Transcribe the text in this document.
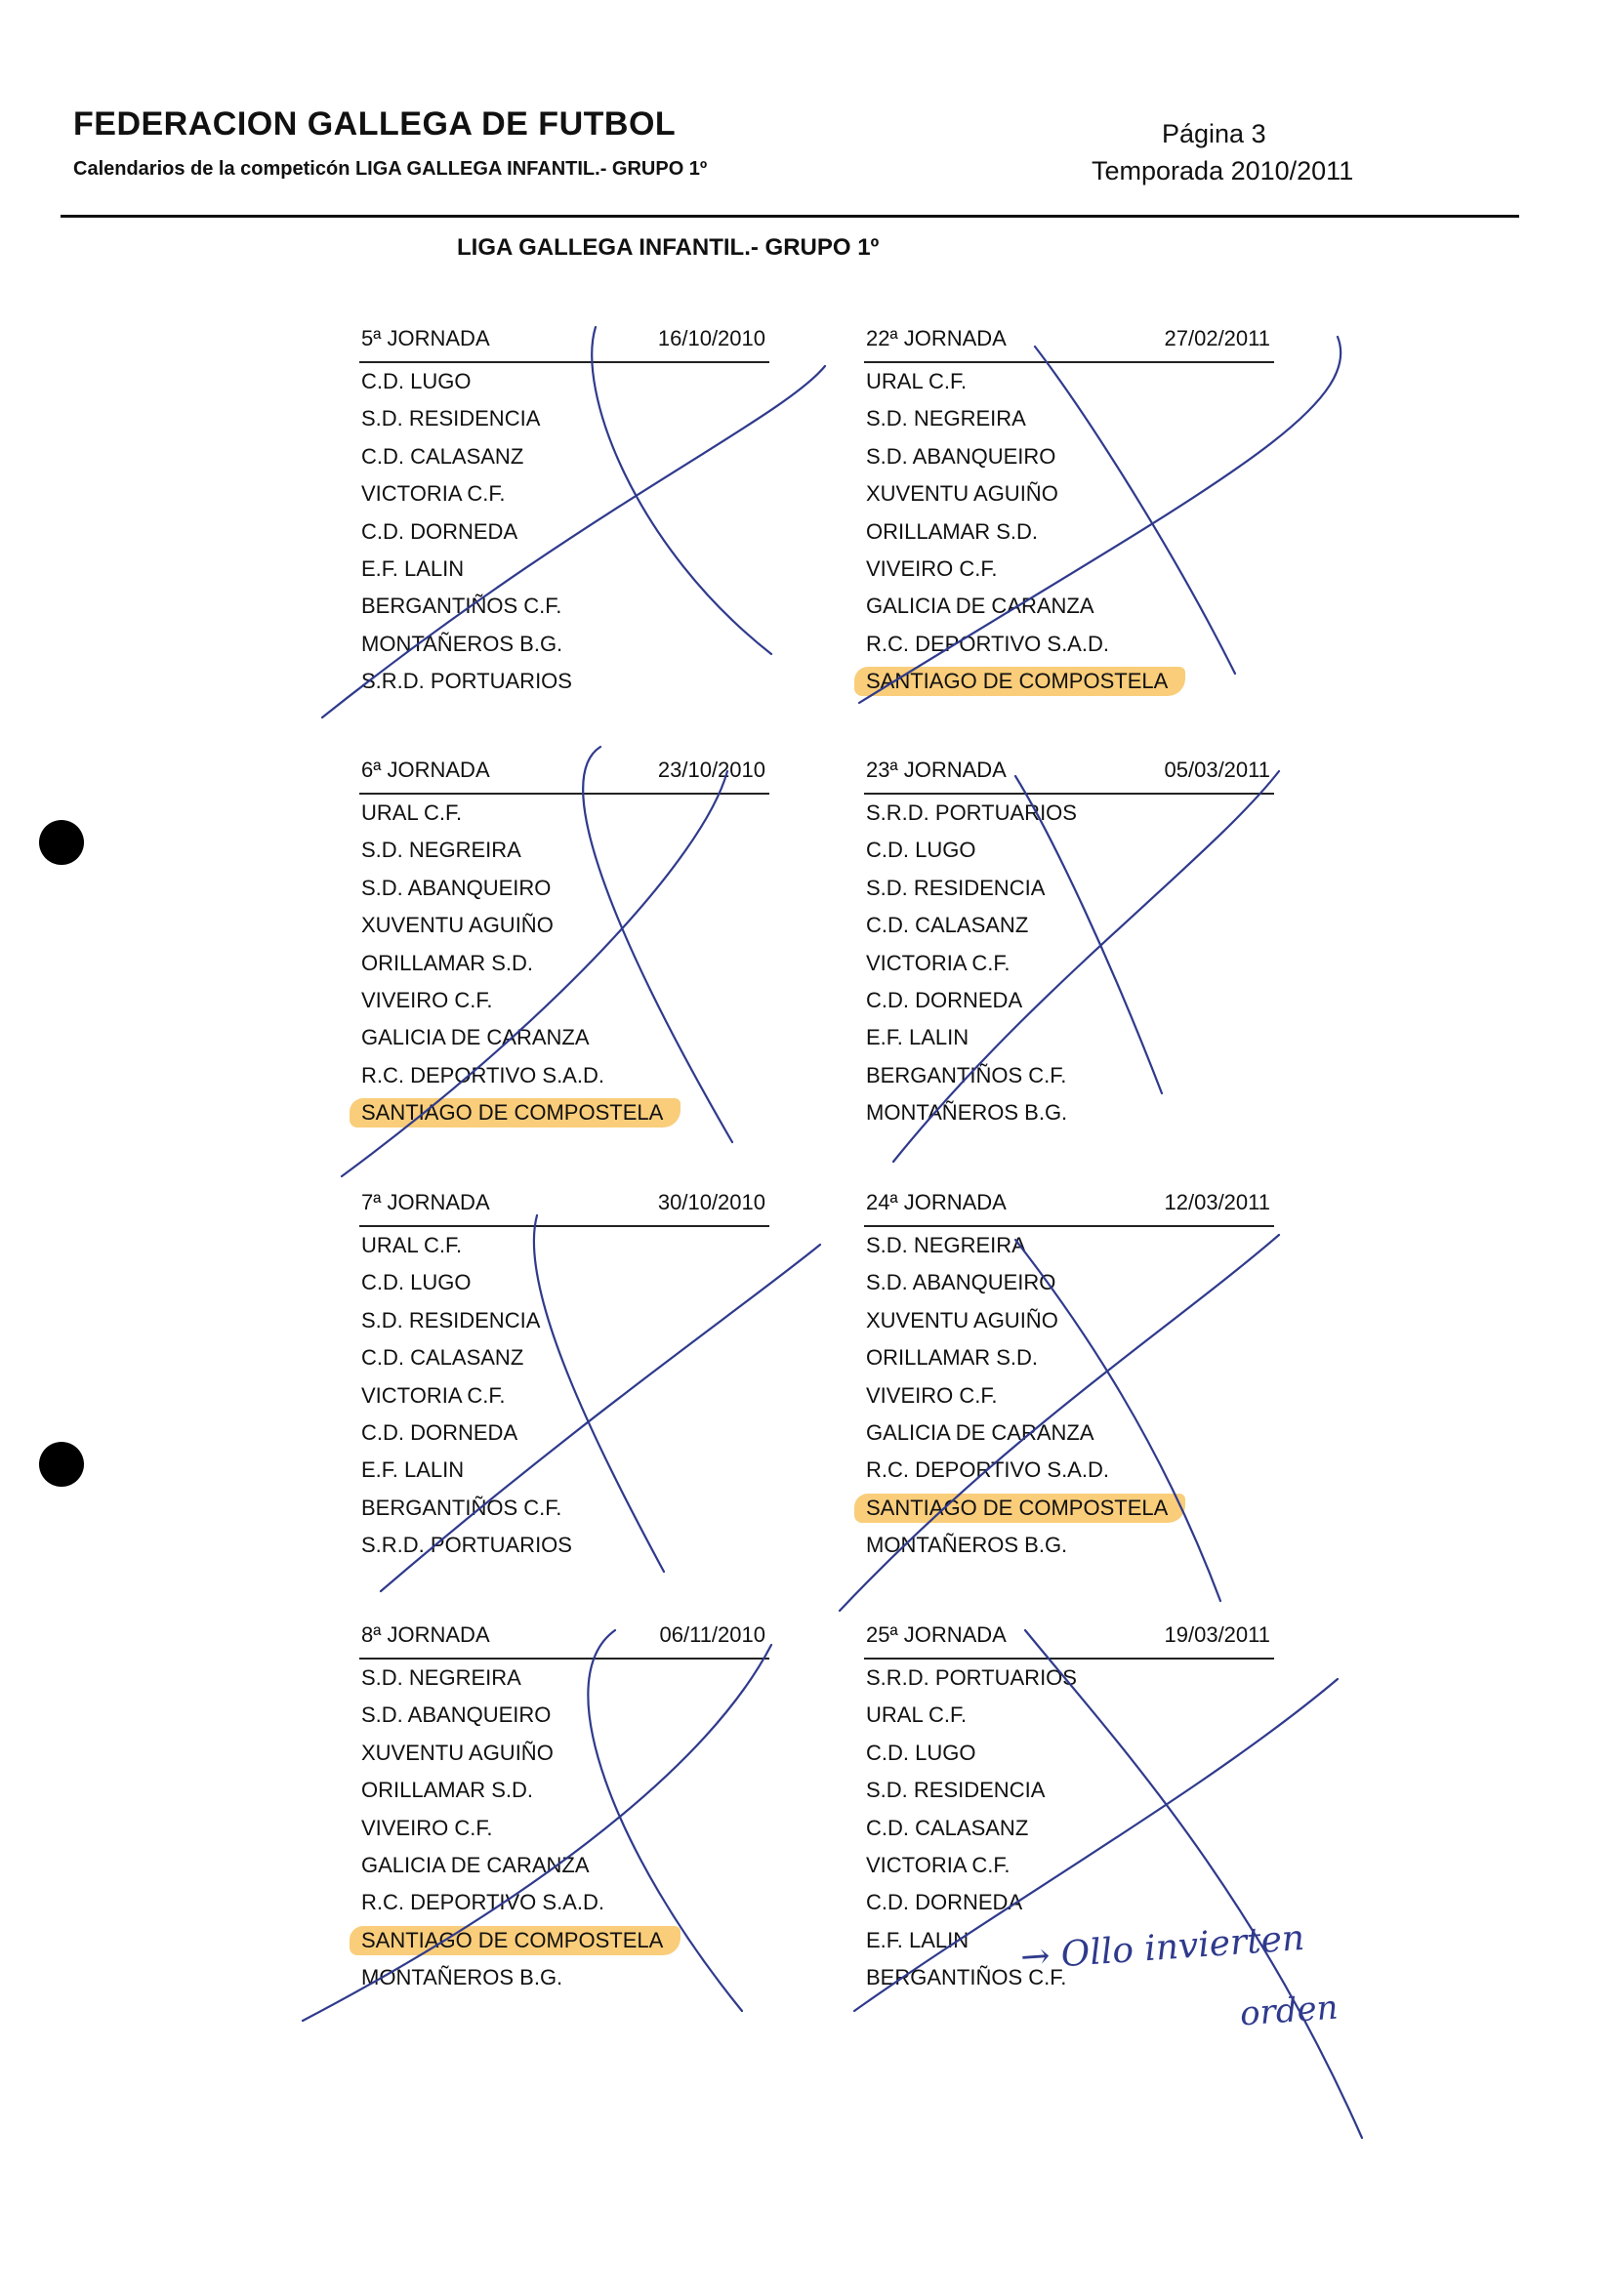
FEDERACION GALLEGA DE FUTBOL
Calendarios de la competicón LIGA GALLEGA INFANTIL.- GRUPO 1º
Página 3
Temporada 2010/2011
LIGA GALLEGA INFANTIL.- GRUPO 1º
5ª JORNADA	16/10/2010
C.D. LUGO
S.D. RESIDENCIA
C.D. CALASANZ
VICTORIA C.F.
C.D. DORNEDA
E.F. LALIN
BERGANTIÑOS C.F.
MONTAÑEROS B.G.
S.R.D. PORTUARIOS
22ª JORNADA	27/02/2011
URAL C.F.
S.D. NEGREIRA
S.D. ABANQUEIRO
XUVENTU AGUIÑO
ORILLAMAR S.D.
VIVEIRO C.F.
GALICIA DE CARANZA
R.C. DEPORTIVO S.A.D.
SANTIAGO DE COMPOSTELA
6ª JORNADA	23/10/2010
URAL C.F.
S.D. NEGREIRA
S.D. ABANQUEIRO
XUVENTU AGUIÑO
ORILLAMAR S.D.
VIVEIRO C.F.
GALICIA DE CARANZA
R.C. DEPORTIVO S.A.D.
SANTIAGO DE COMPOSTELA
23ª JORNADA	05/03/2011
S.R.D. PORTUARIOS
C.D. LUGO
S.D. RESIDENCIA
C.D. CALASANZ
VICTORIA C.F.
C.D. DORNEDA
E.F. LALIN
BERGANTIÑOS C.F.
MONTAÑEROS B.G.
7ª JORNADA	30/10/2010
URAL C.F.
C.D. LUGO
S.D. RESIDENCIA
C.D. CALASANZ
VICTORIA C.F.
C.D. DORNEDA
E.F. LALIN
BERGANTIÑOS C.F.
S.R.D. PORTUARIOS
24ª JORNADA	12/03/2011
S.D. NEGREIRA
S.D. ABANQUEIRO
XUVENTU AGUIÑO
ORILLAMAR S.D.
VIVEIRO C.F.
GALICIA DE CARANZA
R.C. DEPORTIVO S.A.D.
SANTIAGO DE COMPOSTELA
MONTAÑEROS B.G.
8ª JORNADA	06/11/2010
S.D. NEGREIRA
S.D. ABANQUEIRO
XUVENTU AGUIÑO
ORILLAMAR S.D.
VIVEIRO C.F.
GALICIA DE CARANZA
R.C. DEPORTIVO S.A.D.
SANTIAGO DE COMPOSTELA
MONTAÑEROS B.G.
25ª JORNADA	19/03/2011
S.R.D. PORTUARIOS
URAL C.F.
C.D. LUGO
S.D. RESIDENCIA
C.D. CALASANZ
VICTORIA C.F.
C.D. DORNEDA
E.F. LALIN
BERGANTIÑOS C.F.
→ Ollo invierten
orden
